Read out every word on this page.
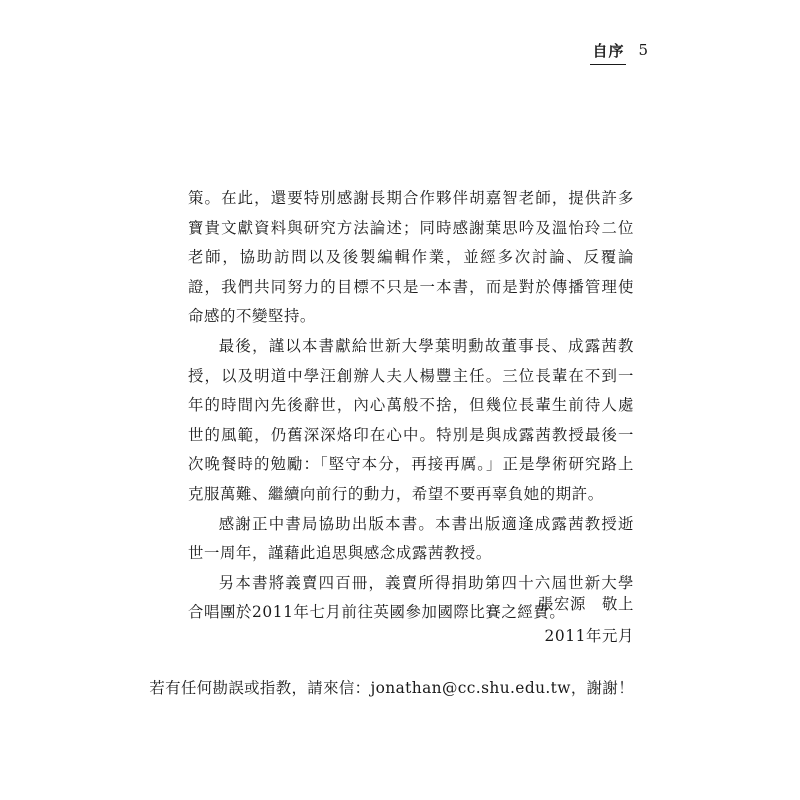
自序 5

策。在此，還要特別感謝長期合作夥伴胡嘉智老師，提供許多寶貴文獻資料與研究方法論述；同時感謝葉思吟及溫怡玲二位老師，協助訪問以及後製編輯作業，並經多次討論、反覆論證，我們共同努力的目標不只是一本書，而是對於傳播管理使命感的不變堅持。

最後，謹以本書獻給世新大學葉明勳故董事長、成露茜教授，以及明道中學汪創辦人夫人楊豐主任。三位長輩在不到一年的時間內先後辭世，內心萬般不捨，但幾位長輩生前待人處世的風範，仍舊深深烙印在心中。特別是與成露茜教授最後一次晚餐時的勉勵：「堅守本分，再接再厲。」正是學術研究路上克服萬難、繼續向前行的動力，希望不要再辜負她的期許。

感謝正中書局協助出版本書。本書出版適逢成露茜教授逝世一周年，謹藉此追思與感念成露茜教授。

另本書將義賣四百冊，義賣所得捐助第四十六屆世新大學合唱團於2011年七月前往英國參加國際比賽之經費。

張宏源　敬上
2011年元月
若有任何勘誤或指教，請來信：jonathan@cc.shu.edu.tw，謝謝！
